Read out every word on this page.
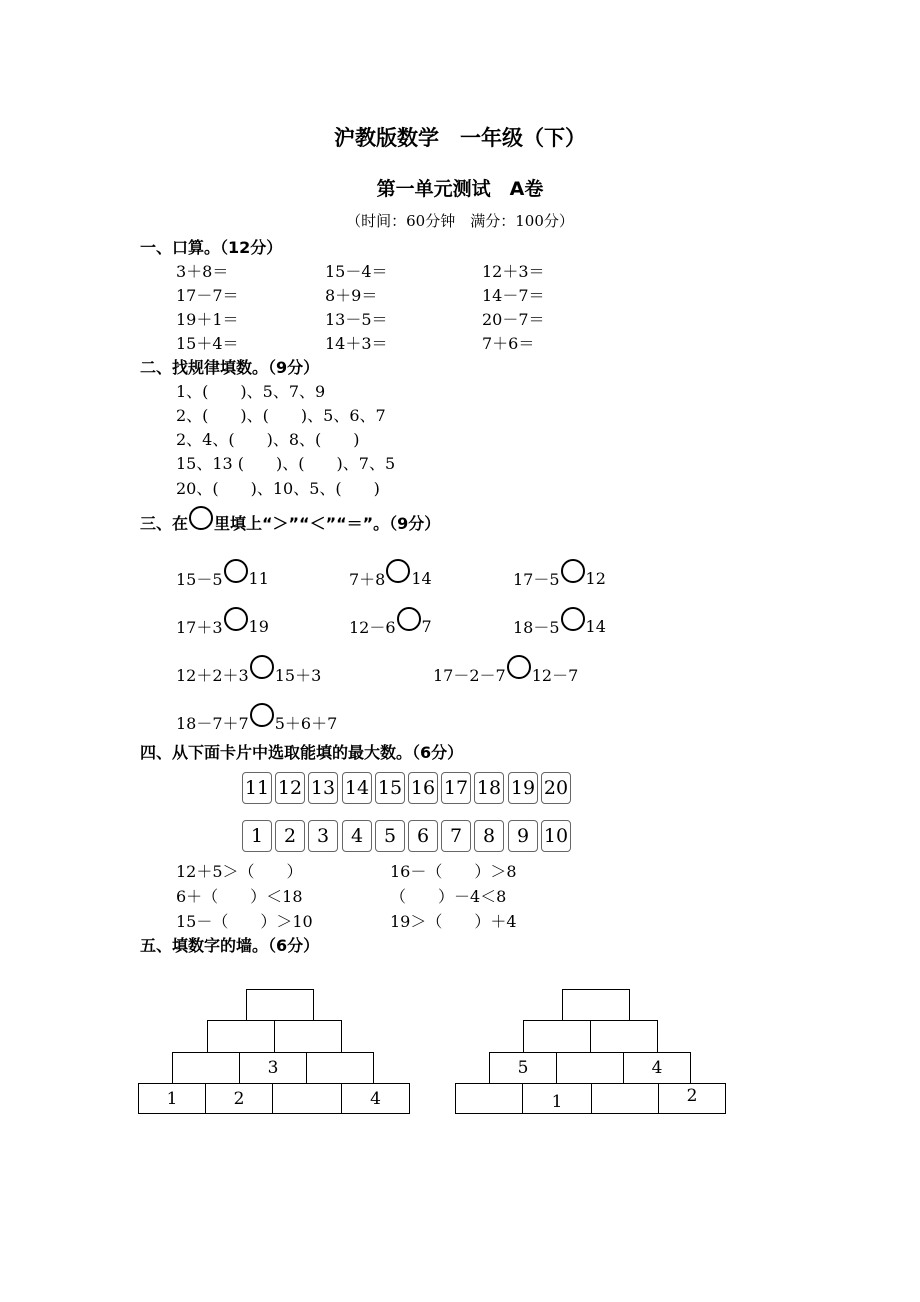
沪教版数学　一年级（下）
第一单元测试　A卷
（时间：60分钟　满分：100分）
一、口算。（12分）
3＋8＝	15－4＝	12＋3＝
17－7＝	8＋9＝	14－7＝
19＋1＝	13－5＝	20－7＝
15＋4＝	14＋3＝	7＋6＝
二、找规律填数。（9分）
1、(　　)、5、7、9
2、(　　)、(　　)、5、6、7
2、4、(　　)、8、(　　)
15、13 (　　)、(　　)、7、5
20、(　　)、10、5、(　　)
三、在 里填上“＞”“＜”“＝”。（9分）
15－5 11	7＋8 14	17－5 12
17＋3 19	12－6 7	18－5 14
12＋2＋3 15＋3	17－2－7 12－7
18－7＋7 5＋6＋7
四、从下面卡片中选取能填的最大数。（6分）
11 12 13 14 15 16 17 18 19 20
1	2	3	4	5	6	7	8	9 10
12＋5＞（　　）	16－（　　）＞8
6＋（　　）＜18	（　　）－4＜8
15－（　　）＞10	19＞（　　）＋4
五、填数字的墙。（6分）
3
1	2	4
5	4
1	2
